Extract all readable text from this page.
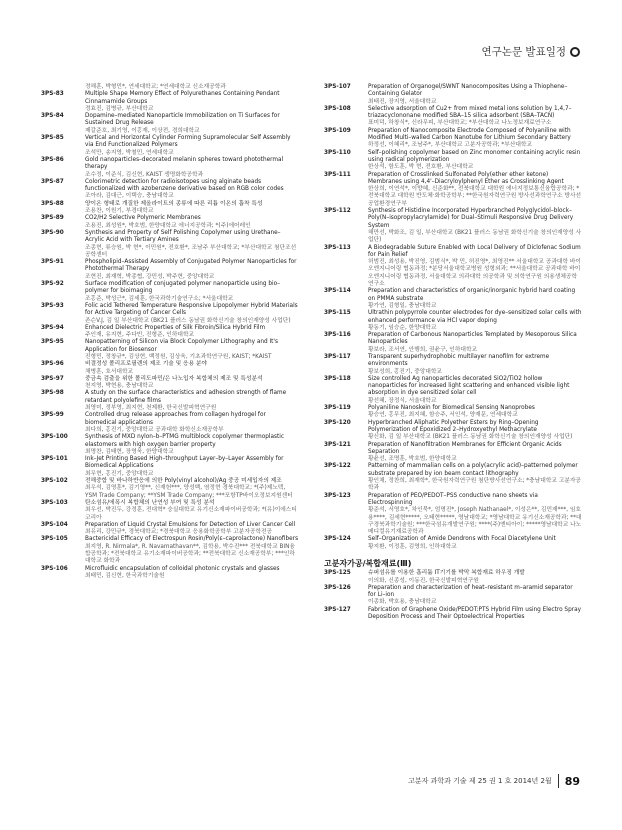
연구논문 발표일정
정해훈, 박형민*, 연세대학교; *연세대학교 신소재공학과
3PS-83	Multiple Shape Memory Effect of Polyurethanes Containing Pendant Cinnamamide Groups
정효진, 김병규, 부산대학교
3PS-84	Dopamine–mediated Nanoparticle Immobilization on Ti Surfaces for Sustained Drug Release
제갈준호, 최기영, 이홍재, 이상전, 경희대학교
3PS-85	Vertical and Horizontal Cylinder Forming Supramolecular Self Assembly via End Functionalized Polymers
조석만, 송지영, 박철민, 연세대학교
3PS-86	Gold nanoparticles–decorated melanin spheres toward photothermal therapy
조수정, 이준식, 김신현, KAIST 생명화학공학과
3PS-87	Colorimetric detection for radioisotopes using alginate beads functionalized with azobenzene derivative based on RGB color codes
조아라, 김대근, 이택승, 충남대학교
3PS-88	양이온 형태로 개질한 제올라이트의 종류에 따른 리튬 이온의 흡착 특성
조용찬, 이원기, 부경대학교
3PS-89	CO2/H2 Selective Polymeric Membranes
조용진, 최성원*, 박호범, 한양대학교 에너지공학과; *(주)에어레인
3PS-90	Synthesis and Property of Self Polishing Copolymer using Urethane–Acrylic Acid with Tertiary Amines
조종현, 류승원, 박 현*, 이민원*, 전호환*, 조남주 부산대학교; *부산대학교 첨단조선공학센터
3PS-91	Phospholipid–Assisted Assembly of Conjugated Polymer Nanoparticles for Photothermal Therapy
조현진, 최재혁, 박종협, 강민성, 박주현, 중앙대학교
3PS-92	Surface modification of conjugated polymer nanoparticle using bio–polymer for bioimaging
조홍준, 박성근*, 김세훈, 한국과학기술연구소; *서울대학교
3PS-93	Folic acid Tethered Temperature Responsive Lipopolymer Hybrid Materials for Active Targeting of Cancer Cells
존슨V.J, 김 일 부산대학교 (BK21 플러스 동남권 화학신기술 창의인재양성 사업단)
3PS-94	Enhanced Dielectric Properties of Silk Fibroin/Silica Hybrid Film
주인재, 유지현, 주다빈, 진형준, 인하대학교
3PS-95	Nanopatterning of Silicon via Block Copolymer Lithography and It's Application for Biosensor
진형민, 정창규*, 김상현, 백정원, 김상욱, 기초과학연구원, KAIST; *KAIST
3PS-96	비결정성 폴리프로필렌의 제조 기술 및 응용 분야
채병훈, 호서대학교
3PS-97	중금속 검출을 위한 폴리도파민/은 나노입자 복합체의 제조 및 특성분석
천지영, 박현용, 충남대학교
3PS-98	A study on the surface characteristics and adhesion strength of flame retardant polyolefine films
최영미, 정부영, 최지현, 천제환, 한국신발피혁연구원
3PS-99	Controlled drug release approaches from collagen hydrogel for biomedical applications
최다희, 홍진기, 중앙대학교 공과대학 화학신소재공학부
3PS-100	Synthesis of MXD nylon–b–PTMG multiblock copolymer thermoplastic elastomers with high oxygen barrier property
최명찬, 김태현, 장영욱, 한양대학교
3PS-101	Ink–Jet Printing Based High–throughput Layer–by–Layer Assembly for Biomedical Applications
최무현, 홍진기, 중앙대학교
3PS-102	전해중합 및 바나하반응에 의한 Poly(vinyl alcohol)/Ag 중공 미세입자의 제조
최우석, 김영훈*, 김기영**, 신재헌***, 양성백, 염정현 경북대학교; *(주)제노텍, YSM Trade Company; **YSM Trade Company; ***포항TP바이오정보지원센터
3PS-103	탄소섬유/에폭시 복합체의 난연성 부여 및 특성 분석
최우선, 박진두, 강정훈, 전대혁* 숭실대학교 유기신소재파이버공학과; *(유)이에스티코리아
3PS-104	Preparation of Liquid Crystal Emulsions for Detection of Liver Cancer Cell
최유리, 강민규*, 경북대학교; *경북대학교 응용화학공학부 고분자공학전공
3PS-105	Bactericidal Efficacy of Electrospun Rosin/Poly(ε–caprolactone) Nanofibers
최지영, R. Nirmala*, R. Navamathavan**, 김학용, 박수진*** 전북대학교 BIN융합공학과; *전북대학교 유기소재파이버공학과; **전북대학교 신소재공학부; ***인하대학교 화학과
3PS-106	Microfluidic encapsulation of colloidal photonic crystals and glasses
최태민, 김신현, 한국과학기술원
3PS-107	Preparation of Organogel/SWNT Nanocomposites Using a Thiophene–Containing Gelator
최태진, 장지영, 서울대학교
3PS-108	Selective adsorption of Cu2+ from mixed metal ions solution by 1,4,7–triazacyclononane modified SBA–15 silica adsorbent (SBA–TACN)
표미덕, 하창식*, 신라무피, 부산대학교; *부산대학교 나노정보재료연구소
3PS-109	Preparation of Nanocomposite Electrode Composed of Polyaniline with Modified Multi–walled Carbon Nanotube for Lithium Secondary Battery
하정선, 이혜리*, 조남주*, 부산대학교 고분자공학과; *부산대학교
3PS-110	Self–polishing copolymer based on Zinc monomer containing acrylic resin using radical polymerization
한상석, 함도훈, 박 현, 전호환, 부산대학교
3PS-111	Preparation of Crosslinked Sulfonated Poly(ether ether ketone) Membranes using 4,4'–Diacryloylphenyl Ether as Crosslinking Agent
한상희, 이연석*, 이향혜, 신준화**, 전북대학교 대학원 에너지정보통신융합공학과; *전북대학교 대학원 반도체·화학공학부; **한국원자력연구원 방사선과학연구소 방사선공업환경연구부
3PS-112	Synthesis of Histidine Incorporated Hyperbranched Polyglycidol–block–Poly(N–isopropylacrylamide) for Dual–Stimuli Responsive Drug Delivery System
해만선, 박화조, 김 일, 부산대학교 (BK21 플러스 동남권 화학신기술 창의인재양성 사업단)
3PS-113	A Biodegradable Suture Enabled with Local Delivery of Diclofenac Sodium for Pain Relief
허범진, 최성용, 박진영, 김범식*, 박 민, 허진영*, 최영진** 서울대학교 공과대학 바이오엔지니어링 협동과정; *분당서울대학교병원 성형외과; **서울대학교 공과대학 바이오엔지니어링 협동과정, 서울대학교 의과대학 의공학과 및 의학연구원 의용생체공학연구소
3PS-114	Preparation and characteristics of organic/inorganic hybrid hard coating on PMMA substrate
황가연, 김형일, 충남대학교
3PS-115	Ultrathin polypyrrole counter electrodes for dye–sensitized solar cells with enhanced performance via HCl vapor doping
황동기, 임승순, 한양대학교
3PS-116	Preparation of Carbonous Nanoparticles Templated by Mesoporous Silica Nanoparticles
황보라, 조서연, 안행희, 권윤구, 인하대학교
3PS-117	Transparent superhydrophobic multilayer nanofilm for extreme environments
황보성희, 홍진기, 중앙대학교
3PS-118	Size controlled Ag nanoparticles decorated SiO2/TiO2 hollow nanoparticles for increased light scattering and enhanced visible light absorption in dye sensitized solar cell
황선혜, 장정식, 서울대학교
3PS-119	Polyaniline Nanoskein for Biomedical Sensing Nanoprobes
황승연, 홍무진, 최지혜, 함승주, 서인석, 양재문, 연세대학교
3PS-120	Hyperbranched Aliphatic Polyether Esters by Ring–Opening Polymerization of Epoxidized 2–Hydroxyethyl Methacrylate
황신화, 김 일 부산대학교 (BK21 플러스 동남권 화학신기술 창의인재양성 사업단)
3PS-121	Preparation of Nanofiltration Membranes for Efficient Organic Acids Separation
황윤선, 조명훈, 박호범, 한양대학교
3PS-122	Patterning of mammalian cells on a poly(acrylic acid)–patterned polymer substrate prepared by ion beam contact lithography
황인채, 정찬희, 최재학*, 한국원자력연구원 첨단방사선연구소; *충남대학교 고분자공학과
3PS-123	Preparation of PEO/PEDOT–PSS conductive nano sheets via Electrospinning
황준석, 서영호*, 차인묵*, 엄명진*, Joseph Nathanael*, 이성은**, 김민재***, 임호용****, 김세현*****, 오태현*****, 영남대학교; *영남대학교 유기신소재공학과; **대구경북과학기술원; ***한국섬유개발연구원; ****(주)엔티아이; *****영남대학교 나노메디컬유기재료공학과
3PS-124	Self–Organization of Amide Dendrons with Focal Diacetylene Unit
황지환, 이정훈, 김영희, 인하대학교
고분자가공/복합재료(Ⅲ)
3PS-125	슈퍼섬유를 이용한 흡리튬 IT기기를 박막 복합재료 하우징 개발
이의화, 신종성, 이동진, 한국신발피혁연구원
3PS-126	Preparation and characterization of heat–resistant m–aramid separator for Li–ion
이종화, 박호용, 충남대학교
3PS-127	Fabrication of Graphene Oxide/PEDOT:PTS Hybrid Film using Electro Spray Deposition Process and Their Optoelectrical Properties
고분자 과학과 기술 제 25 권 1 호 2014년 2월 89
